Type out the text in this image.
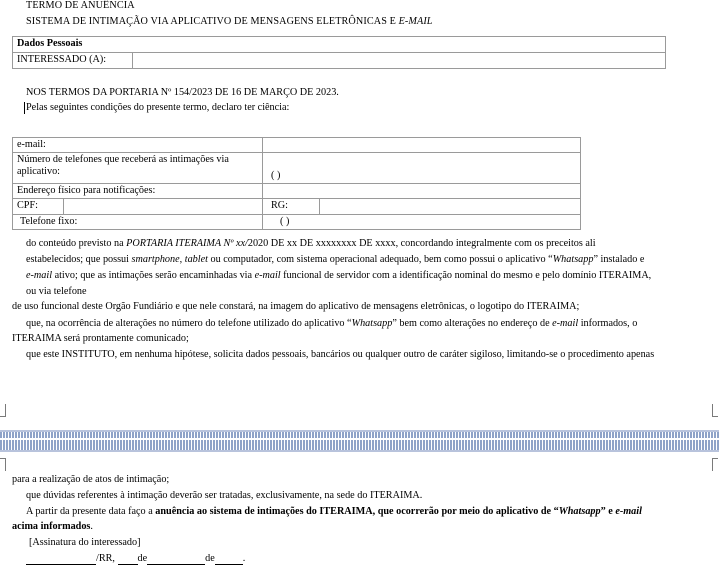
TERMO DE ANUÊNCIA
SISTEMA DE INTIMAÇÃO VIA APLICATIVO DE MENSAGENS ELETRÔNICAS E E-MAIL
Dados Pessoais
INTERESSADO (A):	
NOS TERMOS DA PORTARIA Nº 154/2023 DE 16 DE MARÇO DE 2023.
Pelas seguintes condições do presente termo, declaro ter ciência:
e-mail:			
Número de telefones que receberá as intimações via
aplicativo:		( )	
Endereço físico para notificações:			
CPF:		RG:	
Telefone fixo:		( )	
do conteúdo previsto na PORTARIA ITERAIMA Nº xx/2020 DE xx DE xxxxxxxx DE xxxx, concordando integralmente com os preceitos ali
estabelecidos; que possui smartphone, tablet ou computador, com sistema operacional adequado, bem como possui o aplicativo “Whatsapp” instalado e
e-mail ativo; que as intimações serão encaminhadas via e-mail funcional de servidor com a identificação nominal do mesmo e pelo domínio ITERAIMA,
ou via telefone
de uso funcional deste Orgão Fundiário e que nele constará, na imagem do aplicativo de mensagens eletrônicas, o logotipo do ITERAIMA;
que, na ocorrência de alterações no número do telefone utilizado do aplicativo “Whatsapp” bem como alterações no endereço de e-mail informados, o
ITERAIMA será prontamente comunicado;
que este INSTITUTO, em nenhuma hipótese, solicita dados pessoais, bancários ou qualquer outro de caráter sigiloso, limitando-se o procedimento apenas
para a realização de atos de intimação;
que dúvidas referentes à intimação deverão ser tratadas, exclusivamente, na sede do ITERAIMA.
A partir da presente data faço a anuência ao sistema de intimações do ITERAIMA, que ocorrerão por meio do aplicativo de “Whatsapp” e e-mail
acima informados.
[Assinatura do interessado]
/RR, de	de	.
